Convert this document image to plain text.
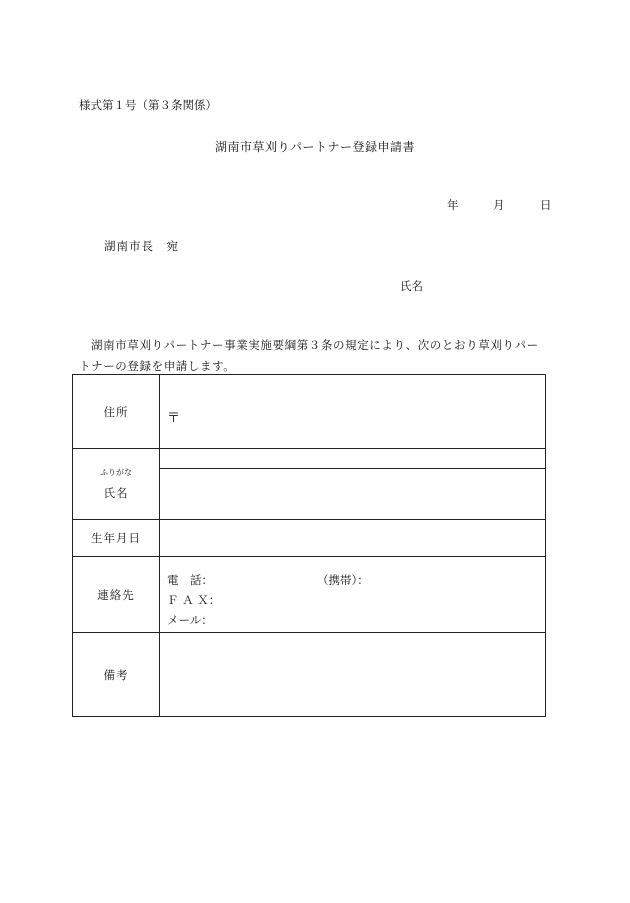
様式第１号（第３条関係）
湖南市草刈りパートナー登録申請書
年	月	日
湖南市長　宛
氏名
湖南市草刈りパートナー事業実施要綱第３条の規定により、次のとおり草刈りパートナーの登録を申請します。
住所	〒

ふりがな
氏名	

生年月日	
連絡先	電　話： （携帯）：
Ｆ Ａ Ｘ：
メール：

備考	
